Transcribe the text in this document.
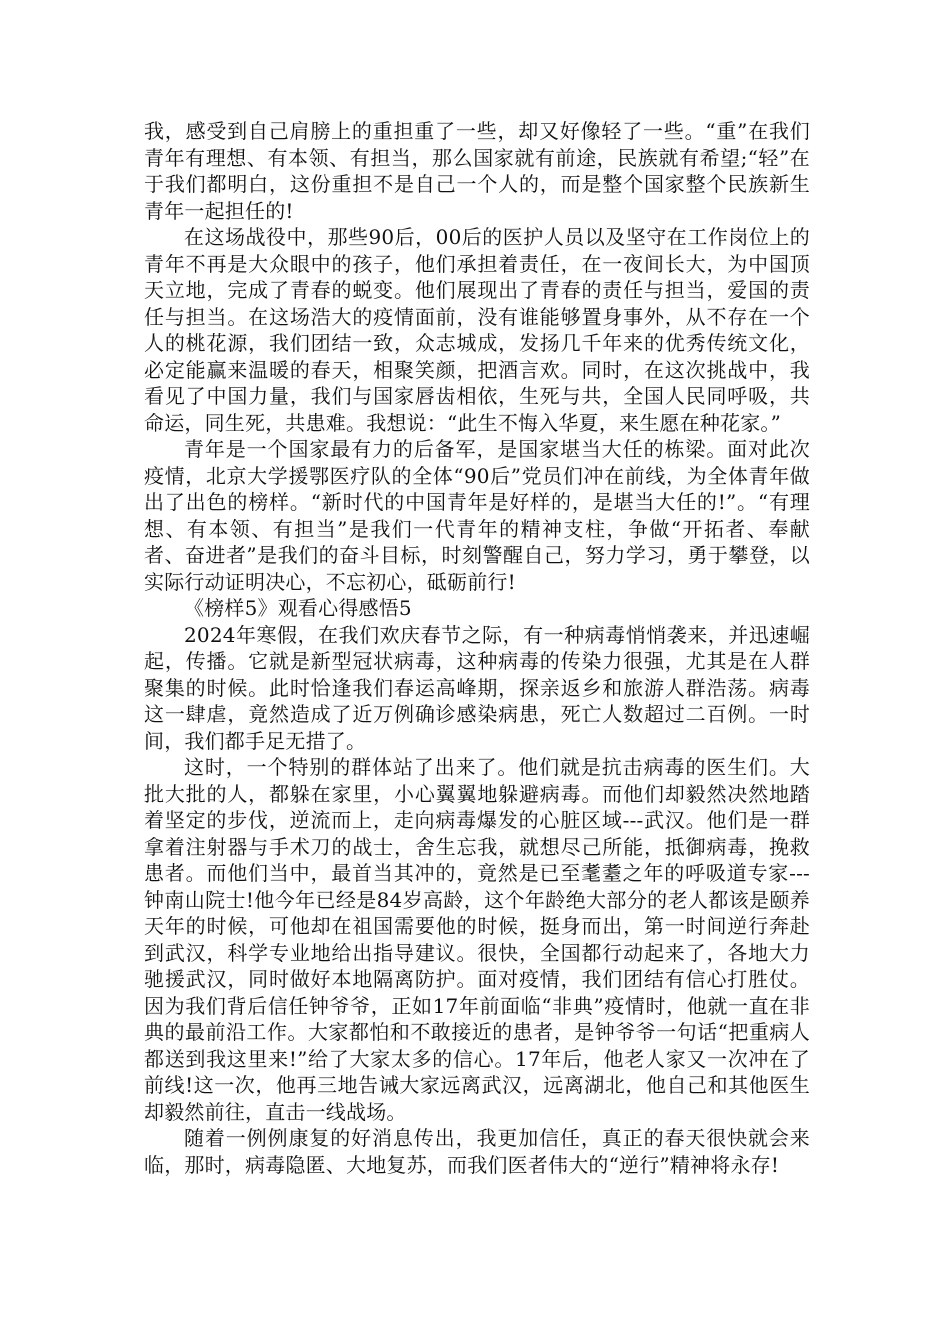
我，感受到自己肩膀上的重担重了一些，却又好像轻了一些。“重”在我们青年有理想、有本领、有担当，那么国家就有前途，民族就有希望;“轻”在于我们都明白，这份重担不是自己一个人的，而是整个国家整个民族新生青年一起担任的!

在这场战役中，那些90后，00后的医护人员以及坚守在工作岗位上的青年不再是大众眼中的孩子，他们承担着责任，在一夜间长大，为中国顶天立地，完成了青春的蜕变。他们展现出了青春的责任与担当，爱国的责任与担当。在这场浩大的疫情面前，没有谁能够置身事外，从不存在一个人的桃花源，我们团结一致，众志城成，发扬几千年来的优秀传统文化，必定能赢来温暖的春天，相聚笑颜，把酒言欢。同时，在这次挑战中，我看见了中国力量，我们与国家唇齿相依，生死与共，全国人民同呼吸，共命运，同生死，共患难。我想说：“此生不悔入华夏，来生愿在种花家。”

青年是一个国家最有力的后备军，是国家堪当大任的栋梁。面对此次疫情，北京大学援鄂医疗队的全体“90后”党员们冲在前线，为全体青年做出了出色的榜样。“新时代的中国青年是好样的，是堪当大任的!”。“有理想、有本领、有担当”是我们一代青年的精神支柱，争做“开拓者、奉献者、奋进者”是我们的奋斗目标，时刻警醒自己，努力学习，勇于攀登，以实际行动证明决心，不忘初心，砥砺前行!

《榜样5》观看心得感悟5

2024年寒假，在我们欢庆春节之际，有一种病毒悄悄袭来，并迅速崛起，传播。它就是新型冠状病毒，这种病毒的传染力很强，尤其是在人群聚集的时候。此时恰逢我们春运高峰期，探亲返乡和旅游人群浩荡。病毒这一肆虐，竟然造成了近万例确诊感染病患，死亡人数超过二百例。一时间，我们都手足无措了。

这时，一个特别的群体站了出来了。他们就是抗击病毒的医生们。大批大批的人，都躲在家里，小心翼翼地躲避病毒。而他们却毅然决然地踏着坚定的步伐，逆流而上，走向病毒爆发的心脏区域---武汉。他们是一群拿着注射器与手术刀的战士，舍生忘我，就想尽己所能，抵御病毒，挽救患者。而他们当中，最首当其冲的，竟然是已至耄耋之年的呼吸道专家---钟南山院士!他今年已经是84岁高龄，这个年龄绝大部分的老人都该是颐养天年的时候，可他却在祖国需要他的时候，挺身而出，第一时间逆行奔赴到武汉，科学专业地给出指导建议。很快，全国都行动起来了，各地大力驰援武汉，同时做好本地隔离防护。面对疫情，我们团结有信心打胜仗。因为我们背后信任钟爷爷，正如17年前面临“非典”疫情时，他就一直在非典的最前沿工作。大家都怕和不敢接近的患者，是钟爷爷一句话“把重病人都送到我这里来!”给了大家太多的信心。17年后，他老人家又一次冲在了前线!这一次，他再三地告诫大家远离武汉，远离湖北，他自己和其他医生却毅然前往，直击一线战场。

随着一例例康复的好消息传出，我更加信任，真正的春天很快就会来临，那时，病毒隐匿、大地复苏，而我们医者伟大的“逆行”精神将永存!
